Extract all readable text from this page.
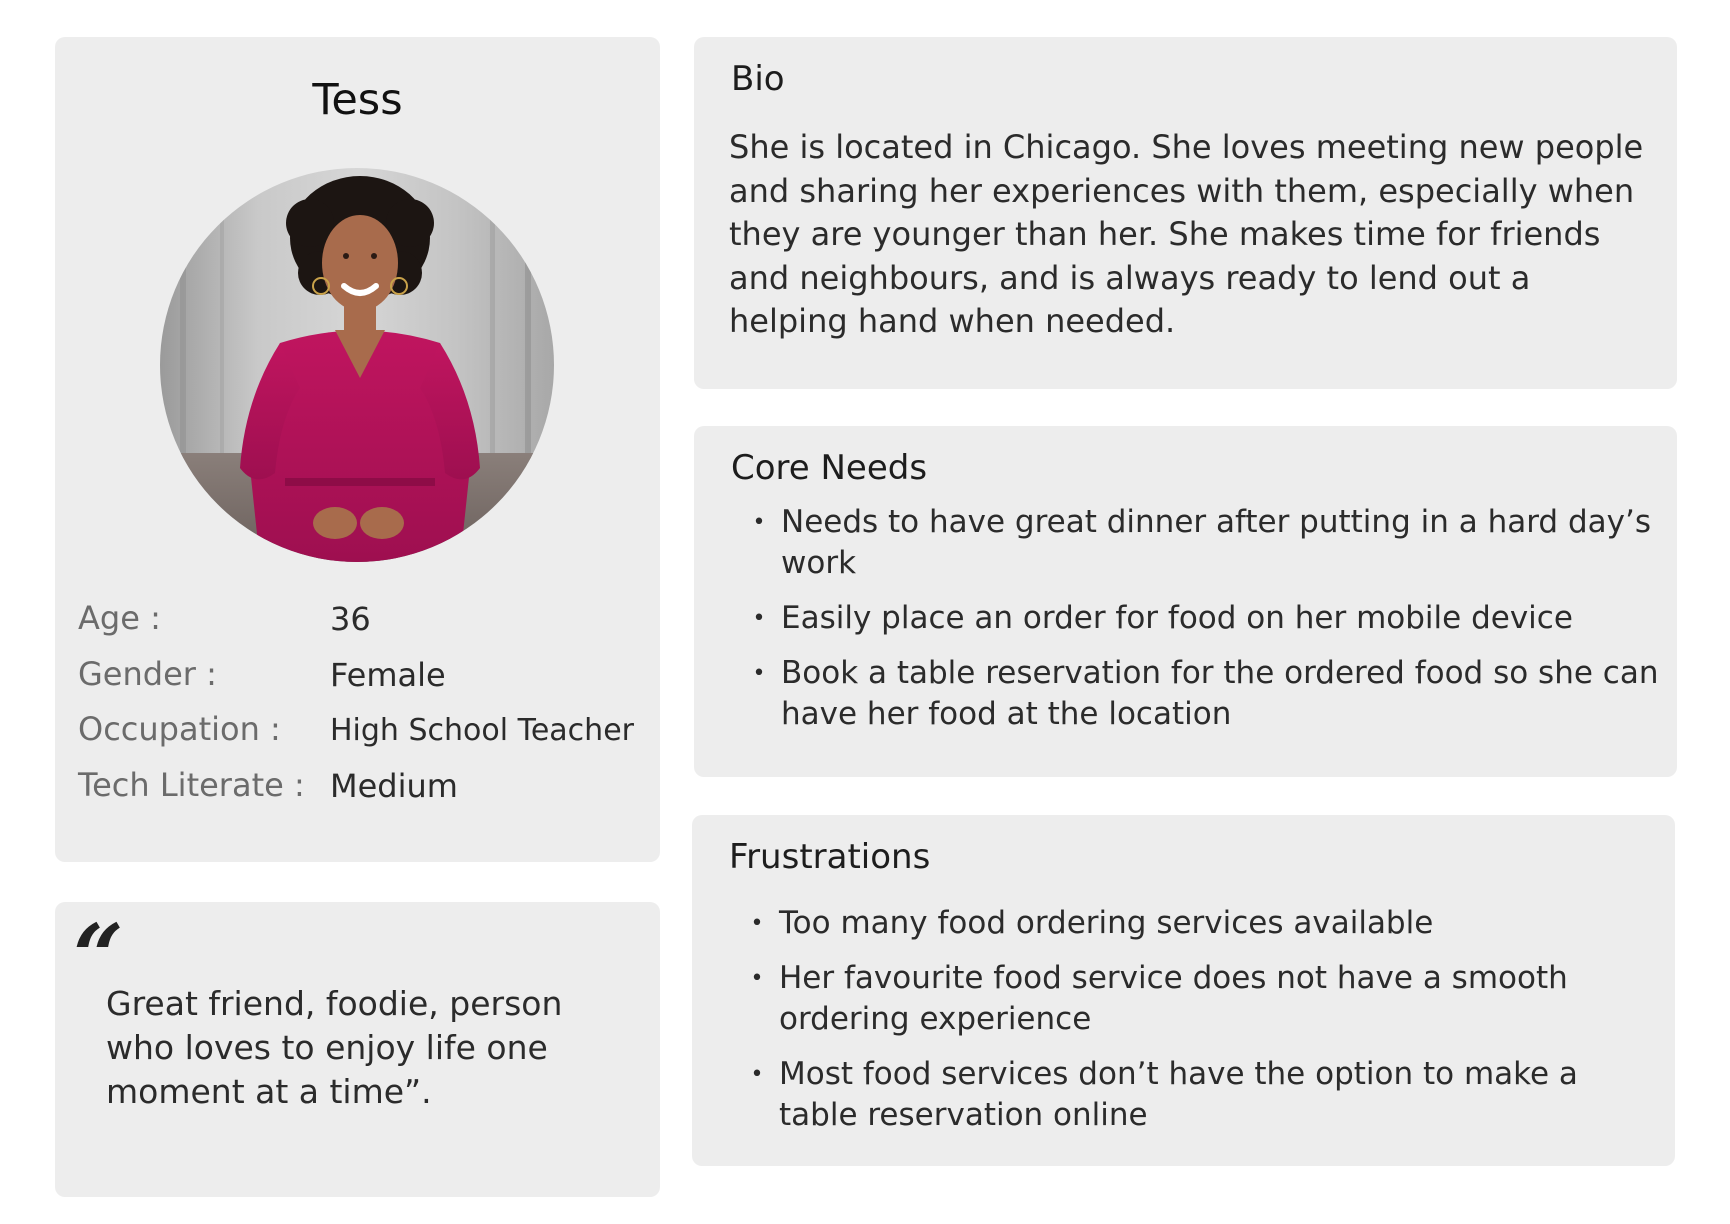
Tess
Age :	36
Gender :	Female
Occupation : High School Teacher
Tech Literate : Medium
“
Great friend, foodie, person who loves to enjoy life one moment at a time”.
Bio
She is located in Chicago. She loves meeting new people and sharing her experiences with them, especially when they are younger than her. She makes time for friends and neighbours, and is always ready to lend out a helping hand when needed.
Core Needs
• Needs to have great dinner after putting in a hard day’s work
• Easily place an order for food on her mobile device
• Book a table reservation for the ordered food so she can have her food at the location
Frustrations
• Too many food ordering services available
• Her favourite food service does not have a smooth ordering experience
• Most food services don’t have the option to make a table reservation online
